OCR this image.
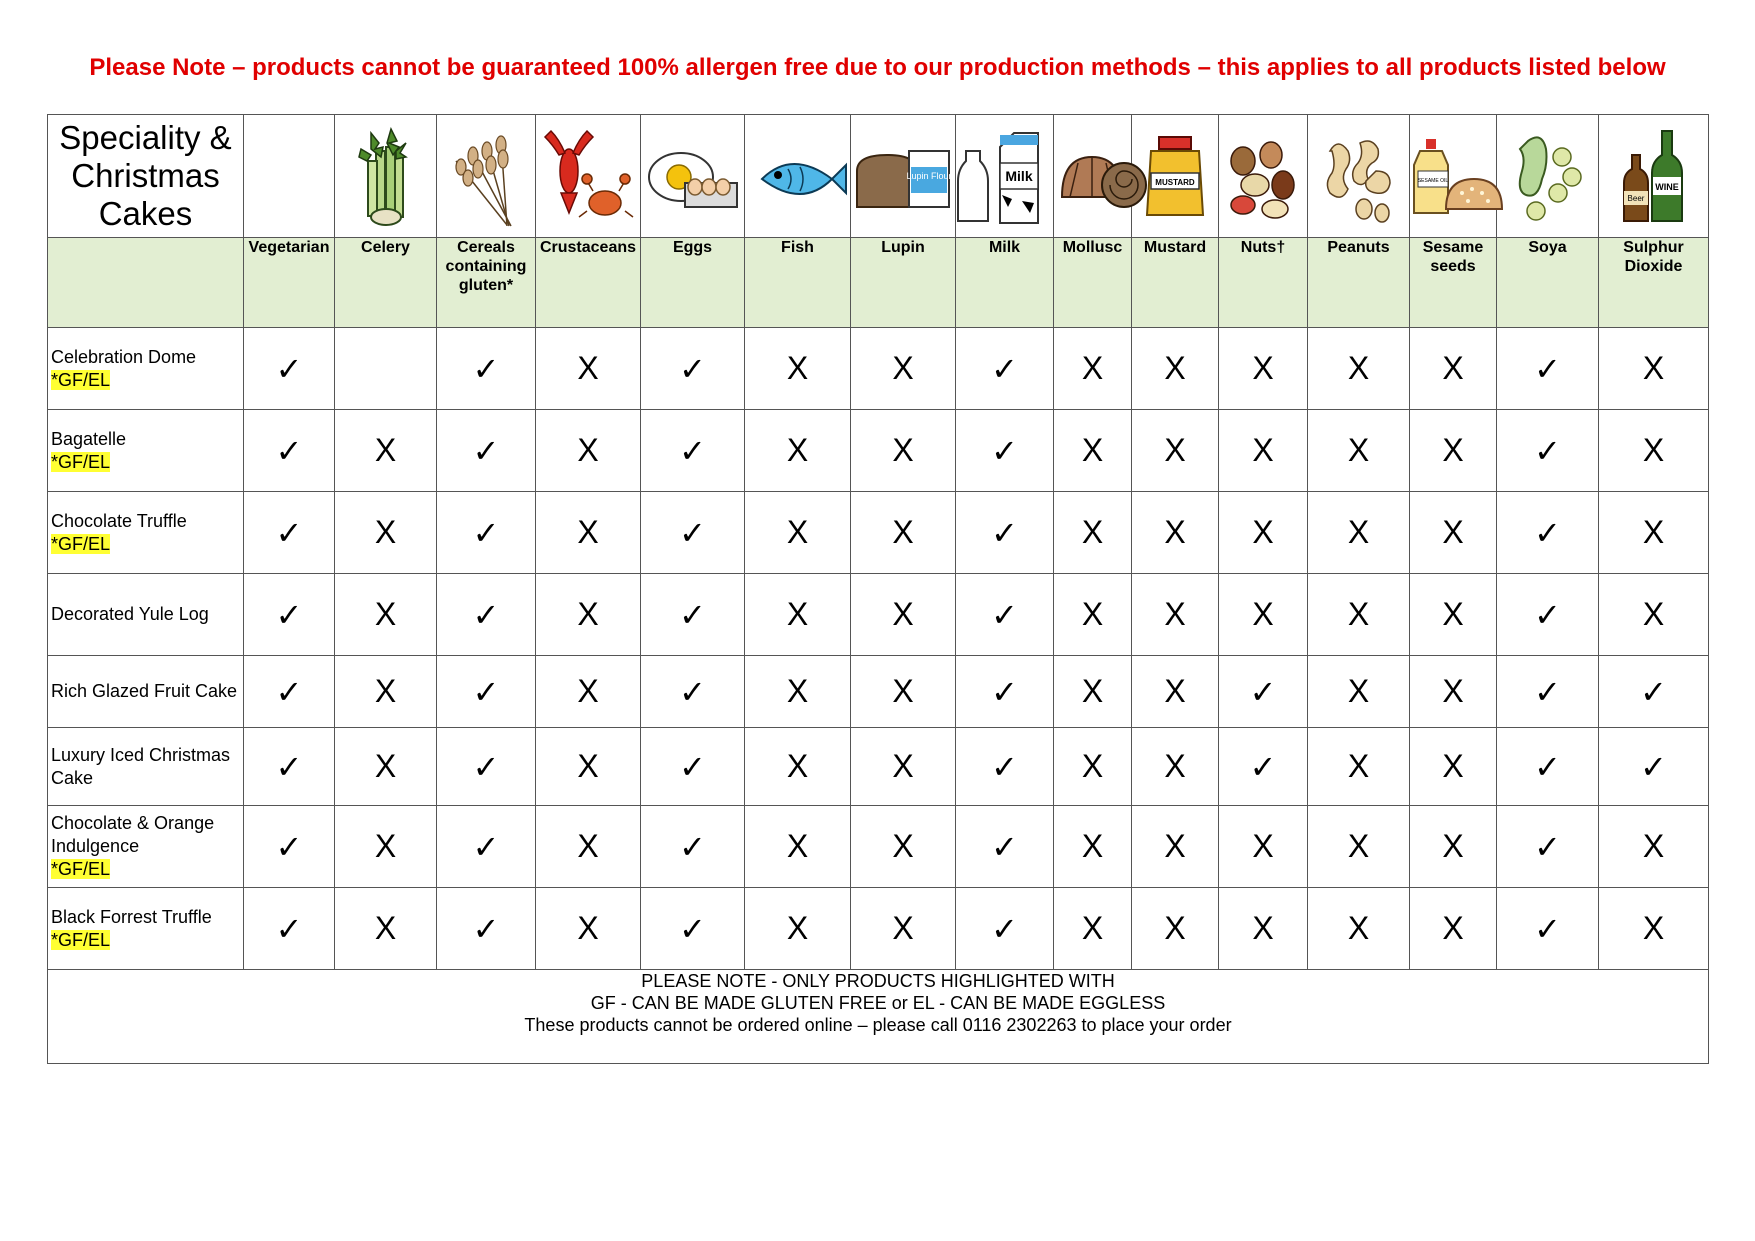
Please Note – products cannot be guaranteed 100% allergen free due to our production methods – this applies to all products listed below
Speciality & Christmas Cakes							Lupin Flour	Milk		MUSTARD			SESAME OIL		WINE
Beer

	Vegetarian	Celery	Cereals containing gluten*	Crustaceans	Eggs	Fish	Lupin	Milk	Mollusc	Mustard	Nuts†	Peanuts	Sesame seeds	Soya	Sulphur Dioxide

Celebration Dome
*GF/EL	✓		✓	X	✓	X	X	✓	X	X	X	X	X	✓	X

Bagatelle
*GF/EL	✓	X	✓	X	✓	X	X	✓	X	X	X	X	X	✓	X

Chocolate Truffle
*GF/EL	✓	X	✓	X	✓	X	X	✓	X	X	X	X	X	✓	X

Decorated Yule Log	✓	X	✓	X	✓	X	X	✓	X	X	X	X	X	✓	X

Rich Glazed Fruit Cake	✓	X	✓	X	✓	X	X	✓	X	X	✓	X	X	✓	✓

Luxury Iced Christmas Cake	✓	X	✓	X	✓	X	X	✓	X	X	✓	X	X	✓	✓

Chocolate & Orange Indulgence
*GF/EL	✓	X	✓	X	✓	X	X	✓	X	X	X	X	X	✓	X

Black Forrest Truffle
*GF/EL	✓	X	✓	X	✓	X	X	✓	X	X	X	X	X	✓	X

PLEASE NOTE - ONLY PRODUCTS HIGHLIGHTED WITH
GF - CAN BE MADE GLUTEN FREE or EL - CAN BE MADE EGGLESS
These products cannot be ordered online – please call 0116 2302263 to place your order															
